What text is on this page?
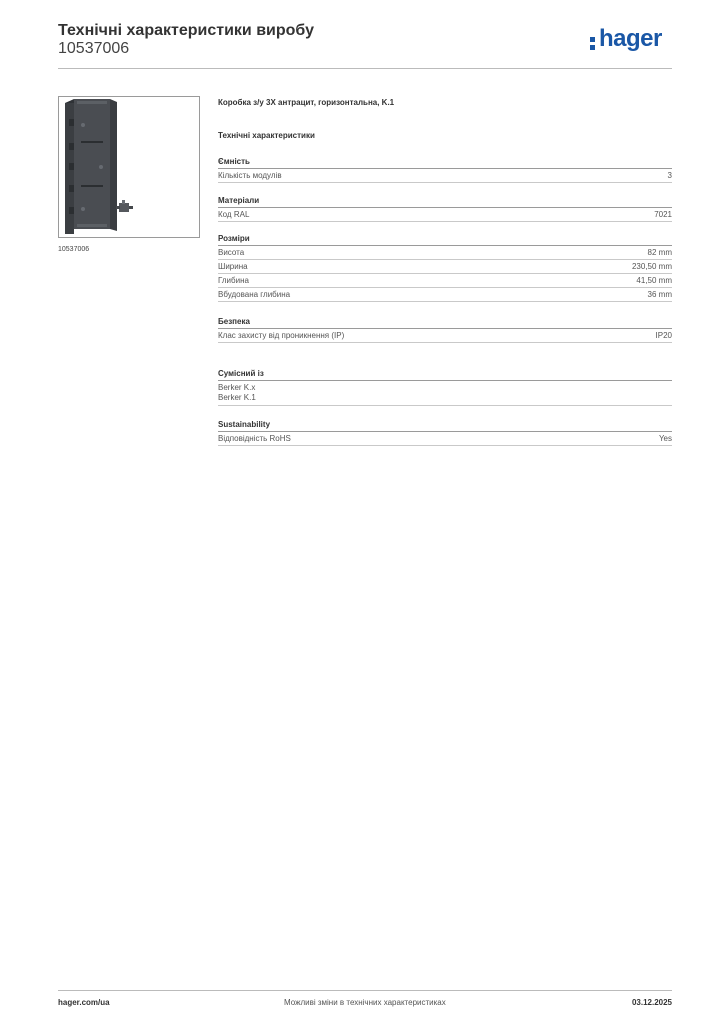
Технічні характеристики виробу
10537006	hager
10537006
Коробка з/у 3X антрацит, горизонтальна, K.1
Технічні характеристики
Ємність
Кількість модулів	3
Матеріали
Код RAL	7021
Розміри
Висота	82 mm
Ширина	230,50 mm
Глибина	41,50 mm
Вбудована глибина	36 mm
Безпека
Клас захисту від проникнення (IP)	IP20
Сумісний із
Berker K.x
Berker K.1
Sustainability
Відповідність RoHS	Yes
hager.com/ua	Можливі зміни в технічних характеристиках	03.12.2025
